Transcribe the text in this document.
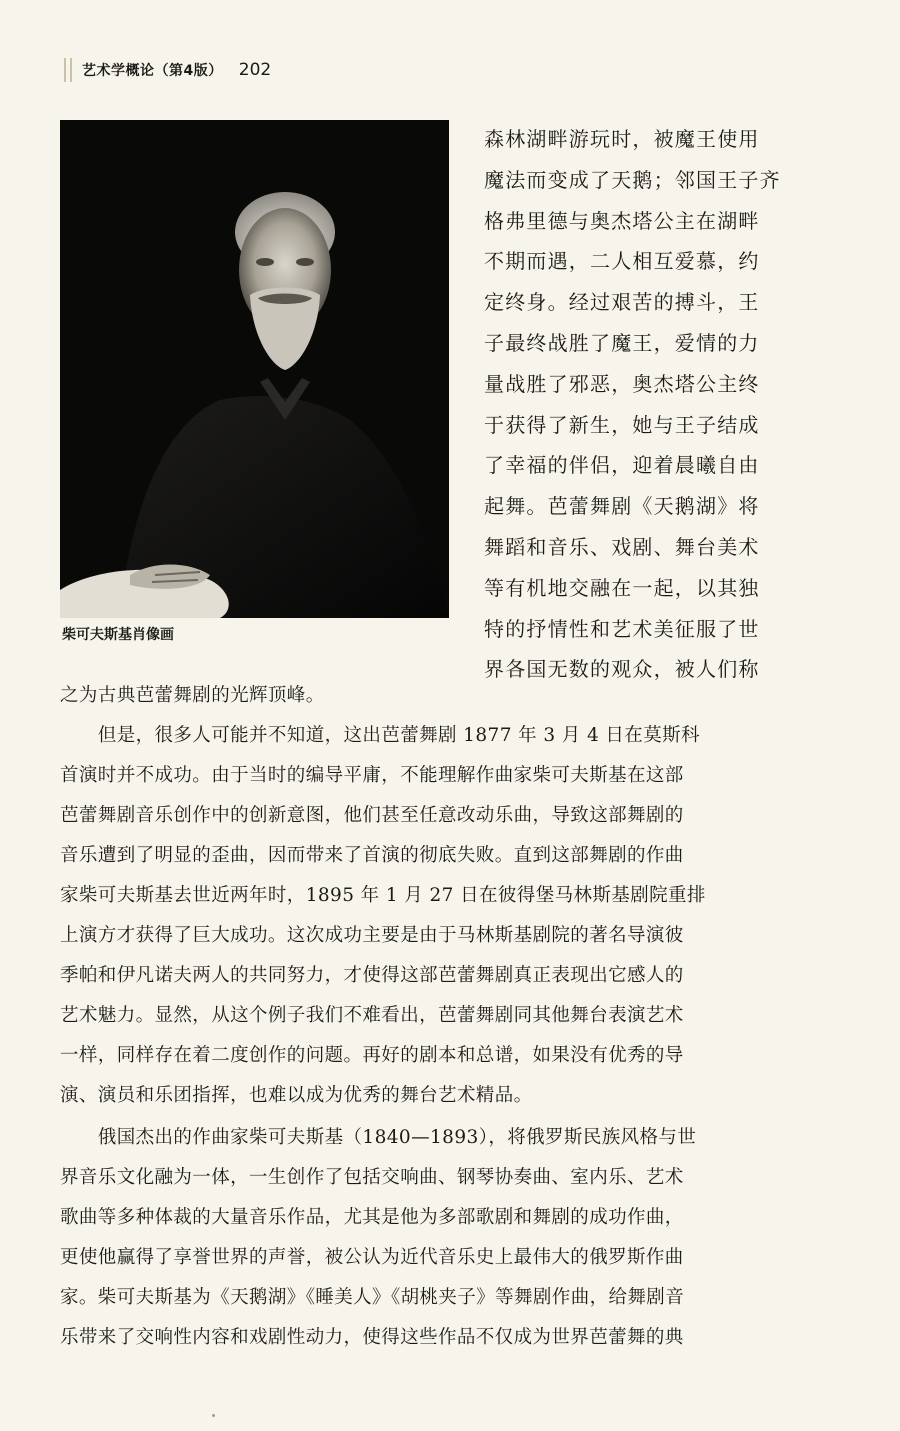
艺术学概论（第4版） 202
柴可夫斯基肖像画
森林湖畔游玩时，被魔王使用
魔法而变成了天鹅；邻国王子齐
格弗里德与奥杰塔公主在湖畔
不期而遇，二人相互爱慕，约
定终身。经过艰苦的搏斗，王
子最终战胜了魔王，爱情的力
量战胜了邪恶，奥杰塔公主终
于获得了新生，她与王子结成
了幸福的伴侣，迎着晨曦自由
起舞。芭蕾舞剧《天鹅湖》将
舞蹈和音乐、戏剧、舞台美术
等有机地交融在一起，以其独
特的抒情性和艺术美征服了世
界各国无数的观众，被人们称
之为古典芭蕾舞剧的光辉顶峰。
　　但是，很多人可能并不知道，这出芭蕾舞剧 1877 年 3 月 4 日在莫斯科
首演时并不成功。由于当时的编导平庸，不能理解作曲家柴可夫斯基在这部
芭蕾舞剧音乐创作中的创新意图，他们甚至任意改动乐曲，导致这部舞剧的
音乐遭到了明显的歪曲，因而带来了首演的彻底失败。直到这部舞剧的作曲
家柴可夫斯基去世近两年时，1895 年 1 月 27 日在彼得堡马林斯基剧院重排
上演方才获得了巨大成功。这次成功主要是由于马林斯基剧院的著名导演彼
季帕和伊凡诺夫两人的共同努力，才使得这部芭蕾舞剧真正表现出它感人的
艺术魅力。显然，从这个例子我们不难看出，芭蕾舞剧同其他舞台表演艺术
一样，同样存在着二度创作的问题。再好的剧本和总谱，如果没有优秀的导
演、演员和乐团指挥，也难以成为优秀的舞台艺术精品。
　　俄国杰出的作曲家柴可夫斯基（1840—1893），将俄罗斯民族风格与世
界音乐文化融为一体，一生创作了包括交响曲、钢琴协奏曲、室内乐、艺术
歌曲等多种体裁的大量音乐作品，尤其是他为多部歌剧和舞剧的成功作曲，
更使他赢得了享誉世界的声誉，被公认为近代音乐史上最伟大的俄罗斯作曲
家。柴可夫斯基为《天鹅湖》《睡美人》《胡桃夹子》等舞剧作曲，给舞剧音
乐带来了交响性内容和戏剧性动力，使得这些作品不仅成为世界芭蕾舞的典
